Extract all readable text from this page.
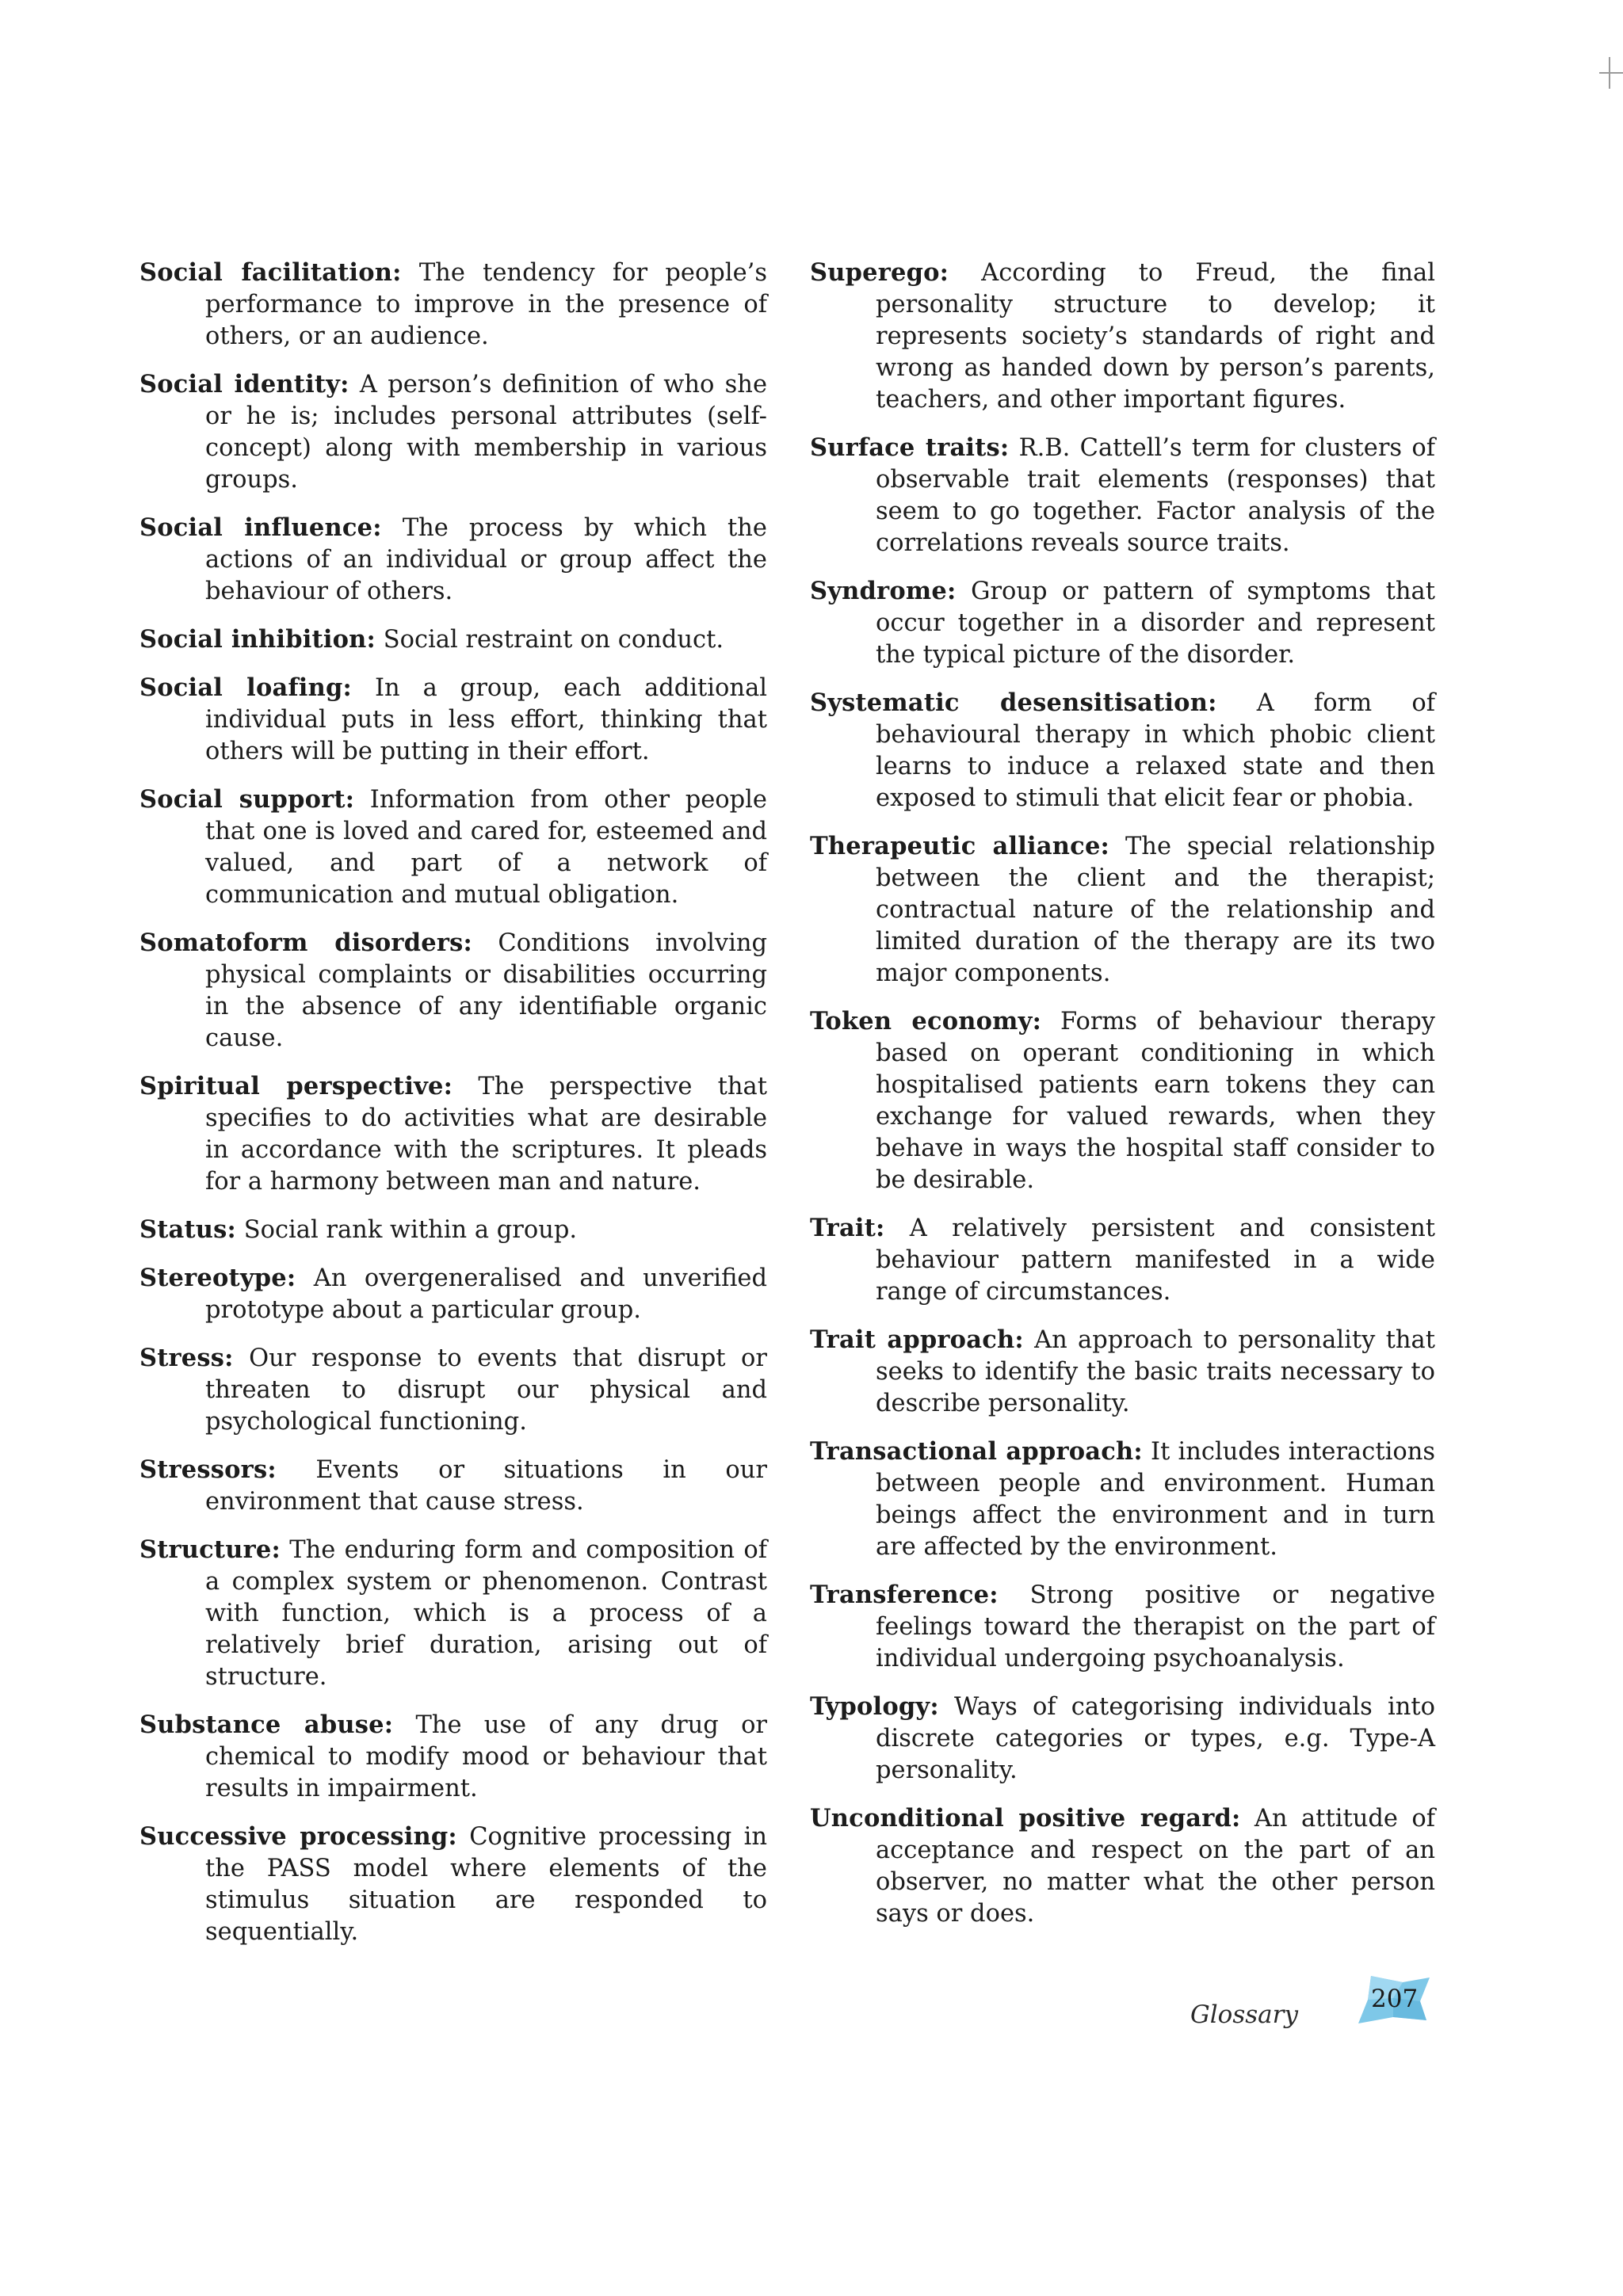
Social facilitation: The tendency for people’s performance to improve in the presence of others, or an audience.

Social identity: A person’s definition of who she or he is; includes personal attributes (self-concept) along with membership in various groups.

Social influence: The process by which the actions of an individual or group affect the behaviour of others.

Social inhibition: Social restraint on conduct.

Social loafing: In a group, each additional individual puts in less effort, thinking that others will be putting in their effort.

Social support: Information from other people that one is loved and cared for, esteemed and valued, and part of a network of communication and mutual obligation.

Somatoform disorders: Conditions involving physical complaints or disabilities occurring in the absence of any identifiable organic cause.

Spiritual perspective: The perspective that specifies to do activities what are desirable in accordance with the scriptures. It pleads for a harmony between man and nature.

Status: Social rank within a group.

Stereotype: An overgeneralised and unverified prototype about a particular group.

Stress: Our response to events that disrupt or threaten to disrupt our physical and psychological functioning.

Stressors: Events or situations in our environment that cause stress.

Structure: The enduring form and composition of a complex system or phenomenon. Contrast with function, which is a process of a relatively brief duration, arising out of structure.

Substance abuse: The use of any drug or chemical to modify mood or behaviour that results in impairment.

Successive processing: Cognitive processing in the PASS model where elements of the stimulus situation are responded to sequentially.

Superego: According to Freud, the final personality structure to develop; it represents society’s standards of right and wrong as handed down by person’s parents, teachers, and other important figures.

Surface traits: R.B. Cattell’s term for clusters of observable trait elements (responses) that seem to go together. Factor analysis of the correlations reveals source traits.

Syndrome: Group or pattern of symptoms that occur together in a disorder and represent the typical picture of the disorder.

Systematic desensitisation: A form of behavioural therapy in which phobic client learns to induce a relaxed state and then exposed to stimuli that elicit fear or phobia.

Therapeutic alliance: The special relationship between the client and the therapist; contractual nature of the relationship and limited duration of the therapy are its two major components.

Token economy: Forms of behaviour therapy based on operant conditioning in which hospitalised patients earn tokens they can exchange for valued rewards, when they behave in ways the hospital staff consider to be desirable.

Trait: A relatively persistent and consistent behaviour pattern manifested in a wide range of circumstances.

Trait approach: An approach to personality that seeks to identify the basic traits necessary to describe personality.

Transactional approach: It includes interactions between people and environment. Human beings affect the environment and in turn are affected by the environment.

Transference: Strong positive or negative feelings toward the therapist on the part of individual undergoing psychoanalysis.

Typology: Ways of categorising individuals into discrete categories or types, e.g. Type-A personality.

Unconditional positive regard: An attitude of acceptance and respect on the part of an observer, no matter what the other person says or does.

Glossary
207
